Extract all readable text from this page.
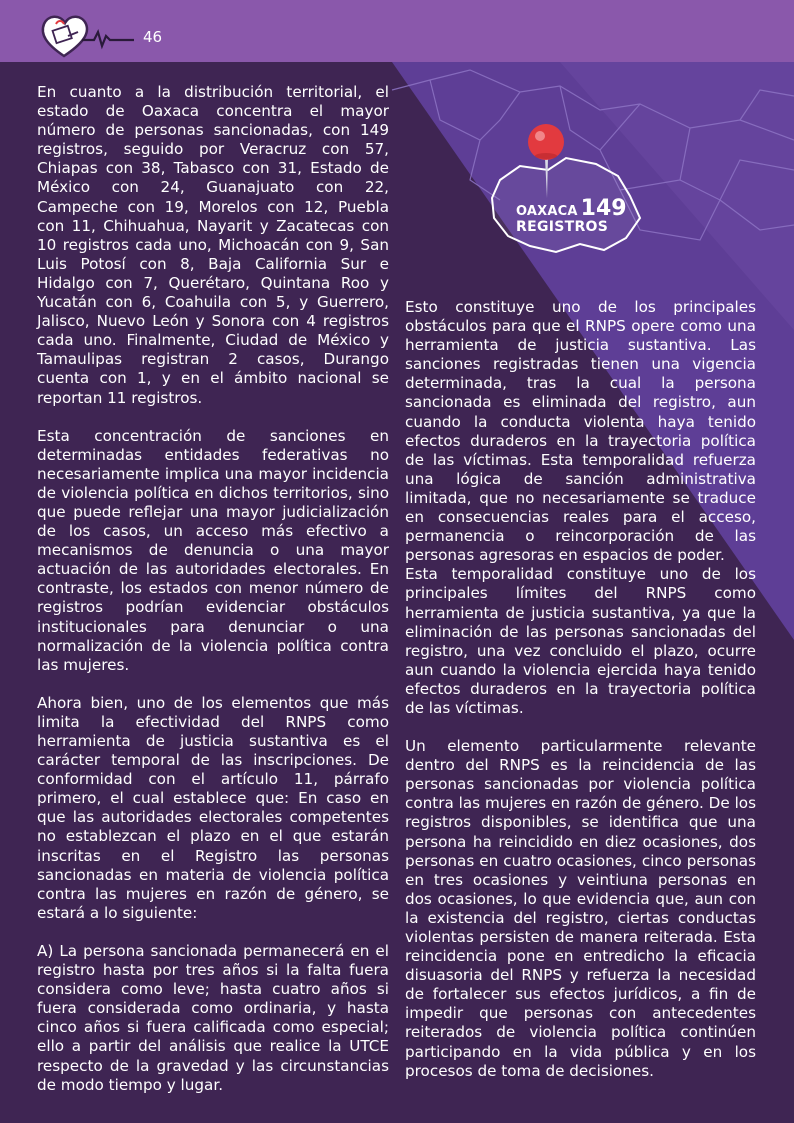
46
OAXACA 149
REGISTROS

En cuanto a la distribución territorial, el estado de Oaxaca concentra el mayor número de personas sancionadas, con 149 registros, seguido por Veracruz con 57, Chiapas con 38, Tabasco con 31, Estado de México con 24, Guanajuato con 22, Campeche con 19, Morelos con 12, Puebla con 11, Chihuahua, Nayarit y Zacatecas con 10 registros cada uno, Michoacán con 9, San Luis Potosí con 8, Baja California Sur e Hidalgo con 7, Querétaro, Quintana Roo y Yucatán con 6, Coahuila con 5, y Guerrero, Jalisco, Nuevo León y Sonora con 4 registros cada uno. Finalmente, Ciudad de México y Tamaulipas registran 2 casos, Durango cuenta con 1, y en el ámbito nacional se reportan 11 registros.

Esta concentración de sanciones en determinadas entidades federativas no necesariamente implica una mayor incidencia de violencia política en dichos territorios, sino que puede reflejar una mayor judicialización de los casos, un acceso más efectivo a mecanismos de denuncia o una mayor actuación de las autoridades electorales. En contraste, los estados con menor número de registros podrían evidenciar obstáculos institucionales para denunciar o una normalización de la violencia política contra las mujeres.

Ahora bien, uno de los elementos que más limita la efectividad del RNPS como herramienta de justicia sustantiva es el carácter temporal de las inscripciones. De conformidad con el artículo 11, párrafo primero, el cual establece que: En caso en que las autoridades electorales competentes no establezcan el plazo en el que estarán inscritas en el Registro las personas sancionadas en materia de violencia política contra las mujeres en razón de género, se estará a lo siguiente:

A) La persona sancionada permanecerá en el registro hasta por tres años si la falta fuera considera como leve; hasta cuatro años si fuera considerada como ordinaria, y hasta cinco años si fuera calificada como especial; ello a partir del análisis que realice la UTCE respecto de la gravedad y las circunstancias de modo tiempo y lugar.

Esto constituye uno de los principales obstáculos para que el RNPS opere como una herramienta de justicia sustantiva. Las sanciones registradas tienen una vigencia determinada, tras la cual la persona sancionada es eliminada del registro, aun cuando la conducta violenta haya tenido efectos duraderos en la trayectoria política de las víctimas. Esta temporalidad refuerza una lógica de sanción administrativa limitada, que no necesariamente se traduce en consecuencias reales para el acceso, permanencia o reincorporación de las personas agresoras en espacios de poder.

Esta temporalidad constituye uno de los principales límites del RNPS como herramienta de justicia sustantiva, ya que la eliminación de las personas sancionadas del registro, una vez concluido el plazo, ocurre aun cuando la violencia ejercida haya tenido efectos duraderos en la trayectoria política de las víctimas.

Un elemento particularmente relevante dentro del RNPS es la reincidencia de las personas sancionadas por violencia política contra las mujeres en razón de género. De los registros disponibles, se identifica que una persona ha reincidido en diez ocasiones, dos personas en cuatro ocasiones, cinco personas en tres ocasiones y veintiuna personas en dos ocasiones, lo que evidencia que, aun con la existencia del registro, ciertas conductas violentas persisten de manera reiterada. Esta reincidencia pone en entredicho la eficacia disuasoria del RNPS y refuerza la necesidad de fortalecer sus efectos jurídicos, a fin de impedir que personas con antecedentes reiterados de violencia política continúen participando en la vida pública y en los procesos de toma de decisiones.
